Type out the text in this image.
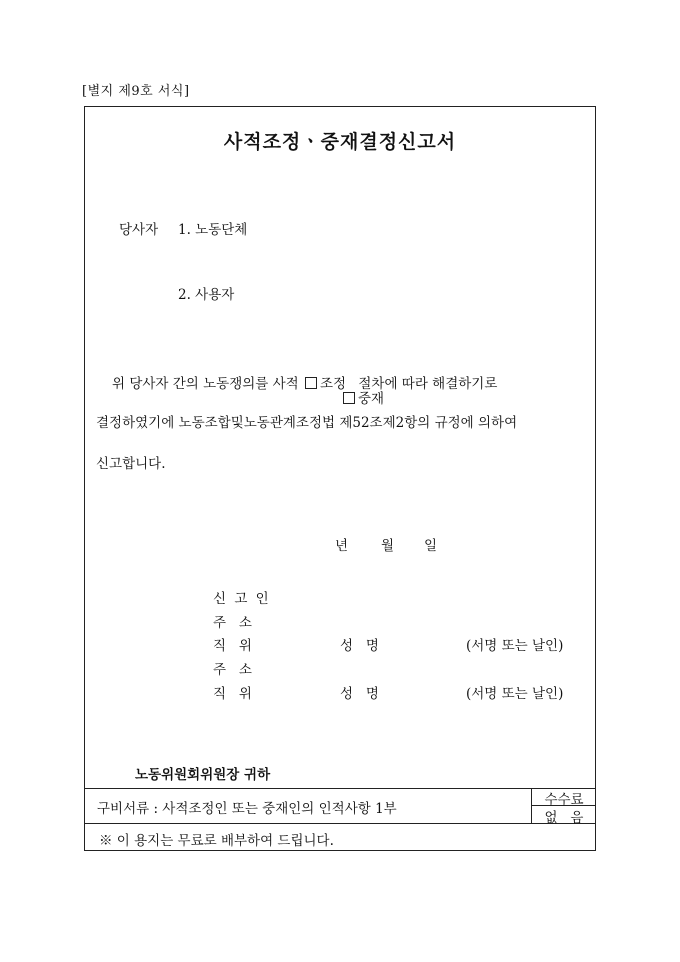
[별지 제9호 서식]
사적조정ㆍ중재결정신고서
당사자 1. 노동단체
2. 사용자
위 당사자 간의 노동쟁의를 사적 조정 절차에 따라 해결하기로
중재
결정하였기에 노동조합및노동관계조정법 제52조제2항의 규정에 의하여
신고합니다.
년 월 일
신 고 인
주   소
직   위	성   명	(서명 또는 날인)
주   소
직   위	성   명	(서명 또는 날인)
노동위원회위원장 귀하
구비서류 : 사적조정인 또는 중재인의 인적사항 1부
수수료
없   음
※ 이 용지는 무료로 배부하여 드립니다.
